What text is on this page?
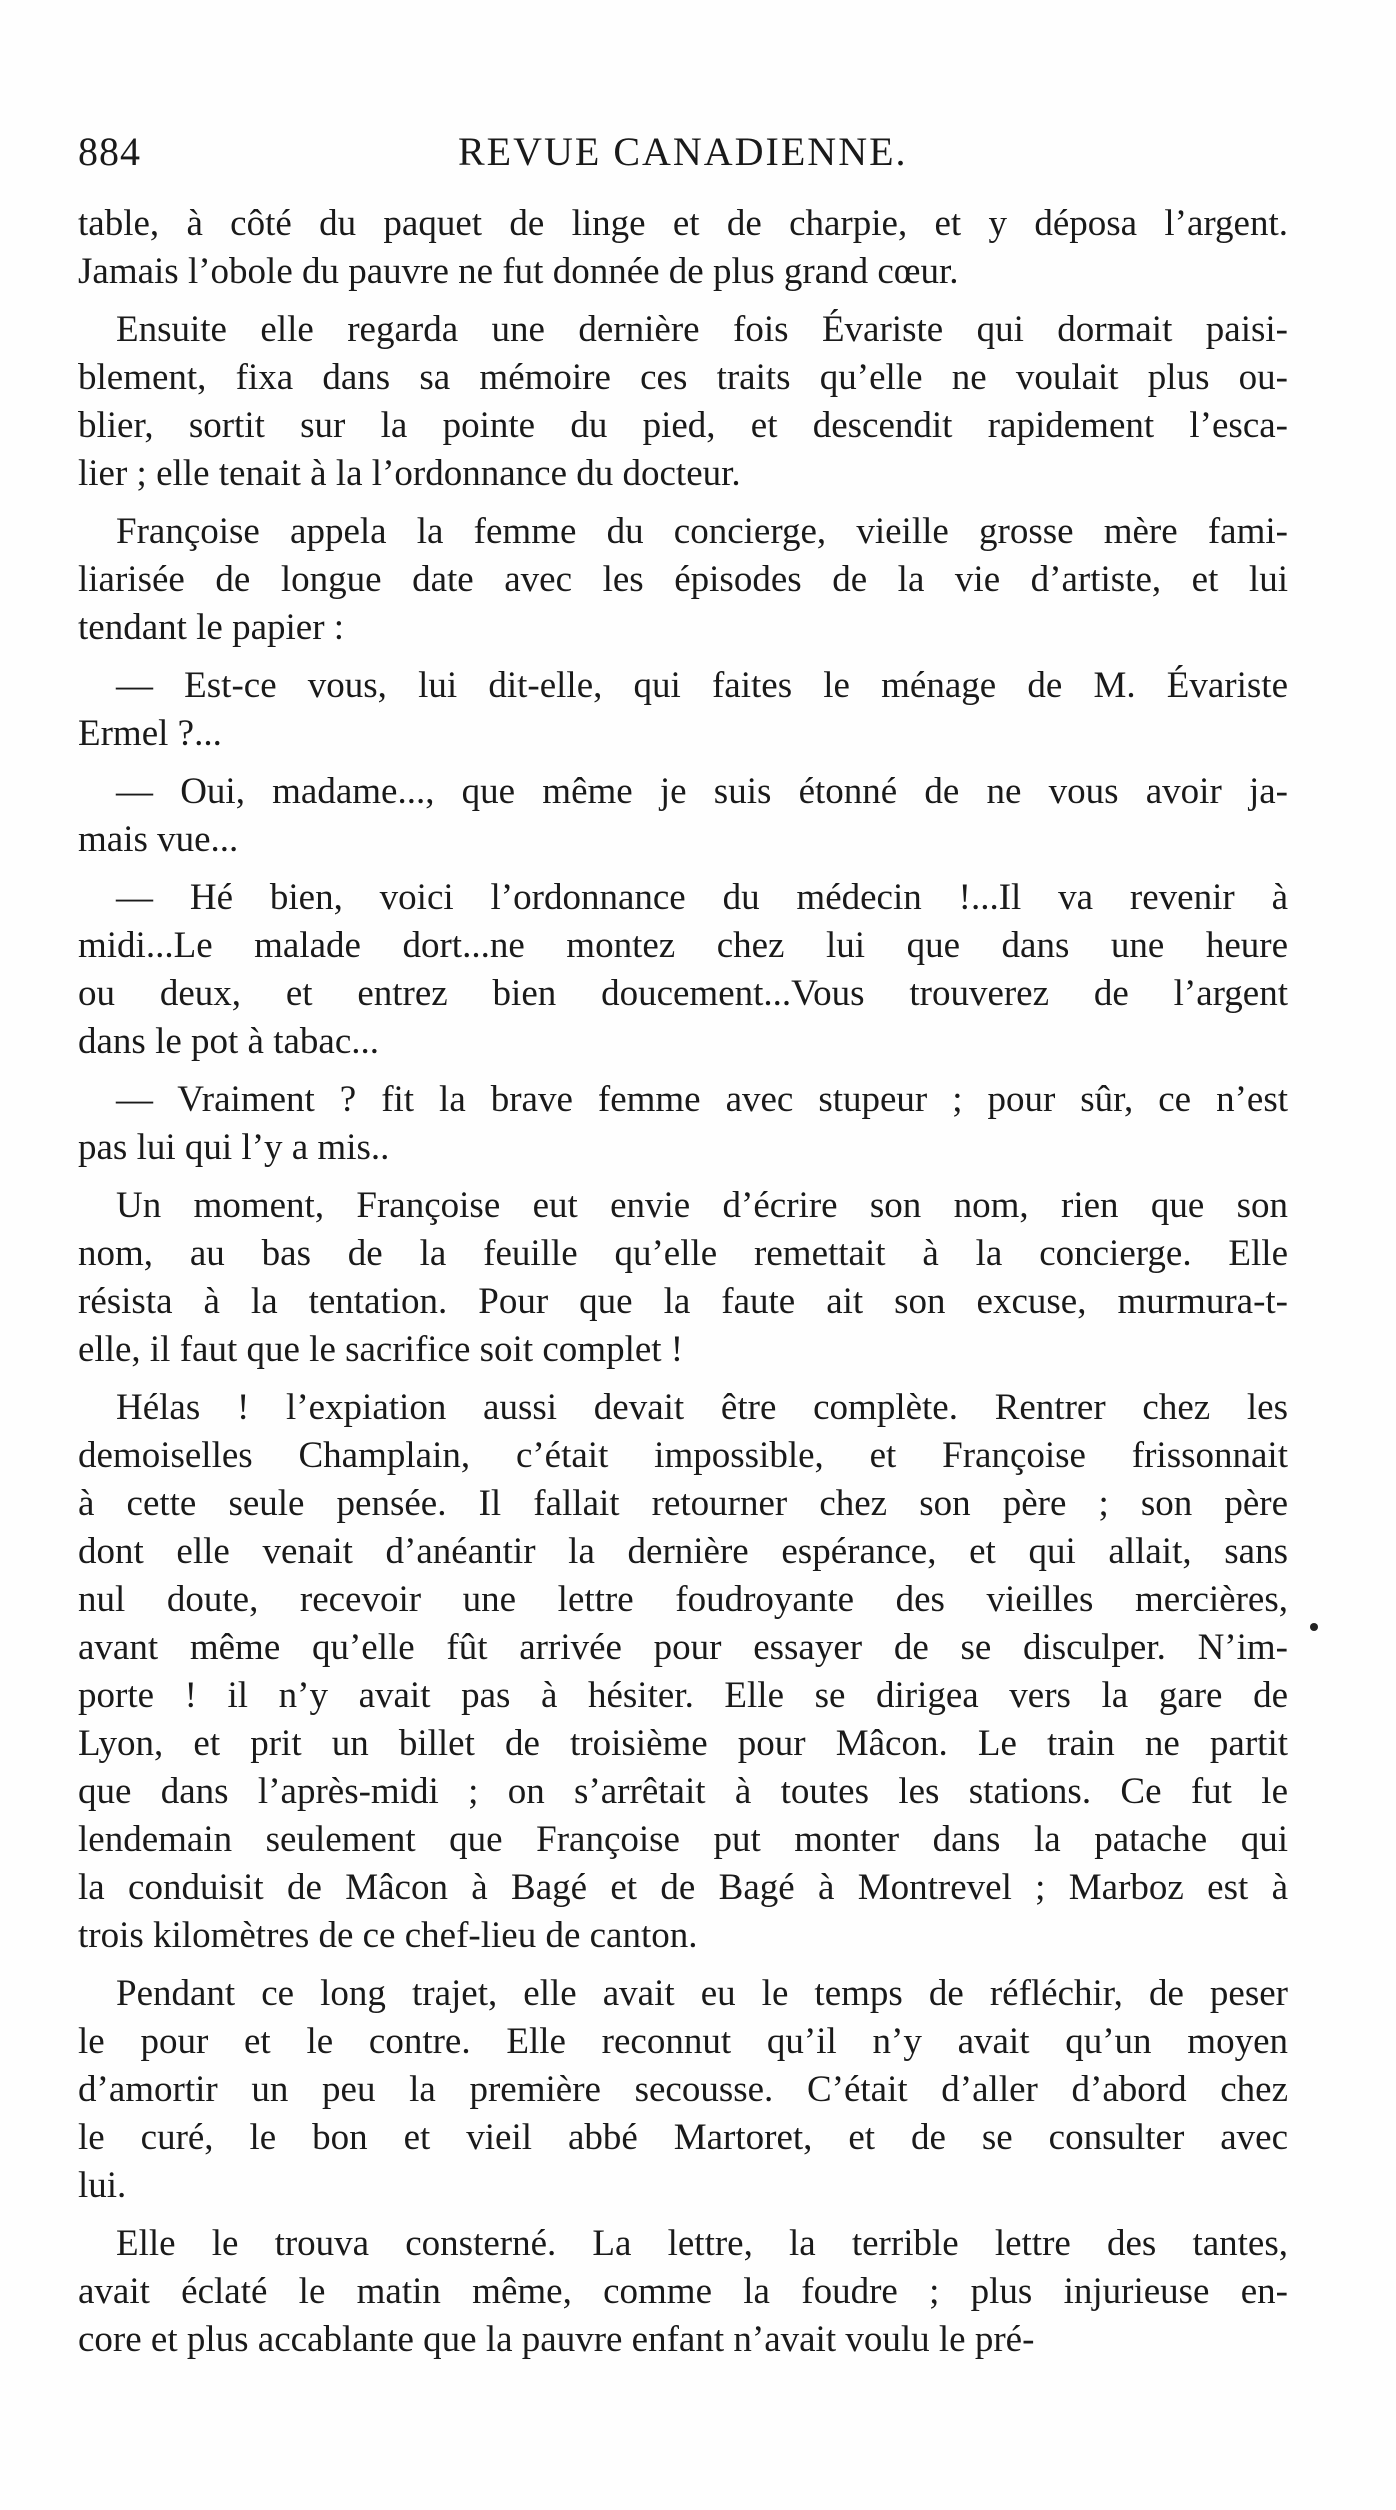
884	REVUE CANADIENNE.
table, à côté du paquet de linge et de charpie, et y déposa l’argent.
Jamais l’obole du pauvre ne fut donnée de plus grand cœur.
Ensuite elle regarda une dernière fois Évariste qui dormait paisi-
blement, fixa dans sa mémoire ces traits qu’elle ne voulait plus ou-
blier, sortit sur la pointe du pied, et descendit rapidement l’esca-
lier ; elle tenait à la l’ordonnance du docteur.
Françoise appela la femme du concierge, vieille grosse mère fami-
liarisée de longue date avec les épisodes de la vie d’artiste, et lui
tendant le papier :
— Est-ce vous, lui dit-elle, qui faites le ménage de M. Évariste
Ermel ?...
— Oui, madame..., que même je suis étonné de ne vous avoir ja-
mais vue...
— Hé bien, voici l’ordonnance du médecin !...Il va revenir à
midi...Le malade dort...ne montez chez lui que dans une heure
ou deux, et entrez bien doucement...Vous trouverez de l’argent
dans le pot à tabac...
— Vraiment ? fit la brave femme avec stupeur ; pour sûr, ce n’est
pas lui qui l’y a mis..
Un moment, Françoise eut envie d’écrire son nom, rien que son
nom, au bas de la feuille qu’elle remettait à la concierge. Elle
résista à la tentation. Pour que la faute ait son excuse, murmura-t-
elle, il faut que le sacrifice soit complet !
Hélas ! l’expiation aussi devait être complète. Rentrer chez les
demoiselles Champlain, c’était impossible, et Françoise frissonnait
à cette seule pensée. Il fallait retourner chez son père ; son père
dont elle venait d’anéantir la dernière espérance, et qui allait, sans
nul doute, recevoir une lettre foudroyante des vieilles mercières,
avant même qu’elle fût arrivée pour essayer de se disculper. N’im-
porte ! il n’y avait pas à hésiter. Elle se dirigea vers la gare de
Lyon, et prit un billet de troisième pour Mâcon. Le train ne partit
que dans l’après-midi ; on s’arrêtait à toutes les stations. Ce fut le
lendemain seulement que Françoise put monter dans la patache qui
la conduisit de Mâcon à Bagé et de Bagé à Montrevel ; Marboz est à
trois kilomètres de ce chef-lieu de canton.
Pendant ce long trajet, elle avait eu le temps de réfléchir, de peser
le pour et le contre. Elle reconnut qu’il n’y avait qu’un moyen
d’amortir un peu la première secousse. C’était d’aller d’abord chez
le curé, le bon et vieil abbé Martoret, et de se consulter avec
lui.
Elle le trouva consterné. La lettre, la terrible lettre des tantes,
avait éclaté le matin même, comme la foudre ; plus injurieuse en-
core et plus accablante que la pauvre enfant n’avait voulu le pré-
